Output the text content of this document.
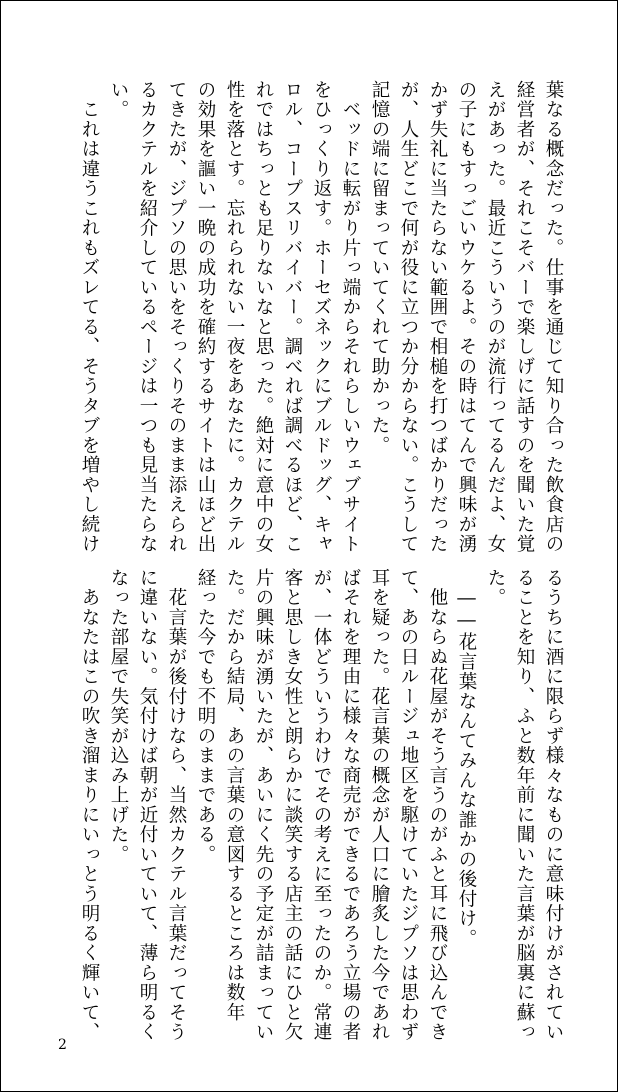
葉なる概念だった。仕事を通じて知り合った飲食店の
経営者が、それこそバーで楽しげに話すのを聞いた覚
えがあった。最近こういうのが流行ってるんだよ、女
の子にもすっごいウケるよ。その時はてんで興味が湧
かず失礼に当たらない範囲で相槌を打つばかりだった
が、人生どこで何が役に立つか分からない。こうして
記憶の端に留まっていてくれて助かった。
　ベッドに転がり片っ端からそれらしいウェブサイト
をひっくり返す。ホーセズネックにブルドッグ、キャ
ロル、コープスリバイバー。調べれば調べるほど、こ
れではちっとも足りないなと思った。絶対に意中の女
性を落とす。忘れられない一夜をあなたに。カクテル
の効果を謳い一晩の成功を確約するサイトは山ほど出
てきたが、ジプソの思いをそっくりそのまま添えられ
るカクテルを紹介しているページは一つも見当たらな
い。
　これは違うこれもズレてる、そうタブを増やし続け
るうちに酒に限らず様々なものに意味付けがされてい
ることを知り、ふと数年前に聞いた言葉が脳裏に蘇っ
た。
　――花言葉なんてみんな誰かの後付け。
　他ならぬ花屋がそう言うのがふと耳に飛び込んでき
て、あの日ルージュ地区を駆けていたジプソは思わず
耳を疑った。花言葉の概念が人口に膾炙した今であれ
ばそれを理由に様々な商売ができるであろう立場の者
が、一体どういうわけでその考えに至ったのか。常連
客と思しき女性と朗らかに談笑する店主の話にひと欠
片の興味が湧いたが、あいにく先の予定が詰まってい
た。だから結局、あの言葉の意図するところは数年
経った今でも不明のままである。
　花言葉が後付けなら、当然カクテル言葉だってそう
に違いない。気付けば朝が近付いていて、薄ら明るく
なった部屋で失笑が込み上げた。
　あなたはこの吹き溜まりにいっとう明るく輝いて、
2
